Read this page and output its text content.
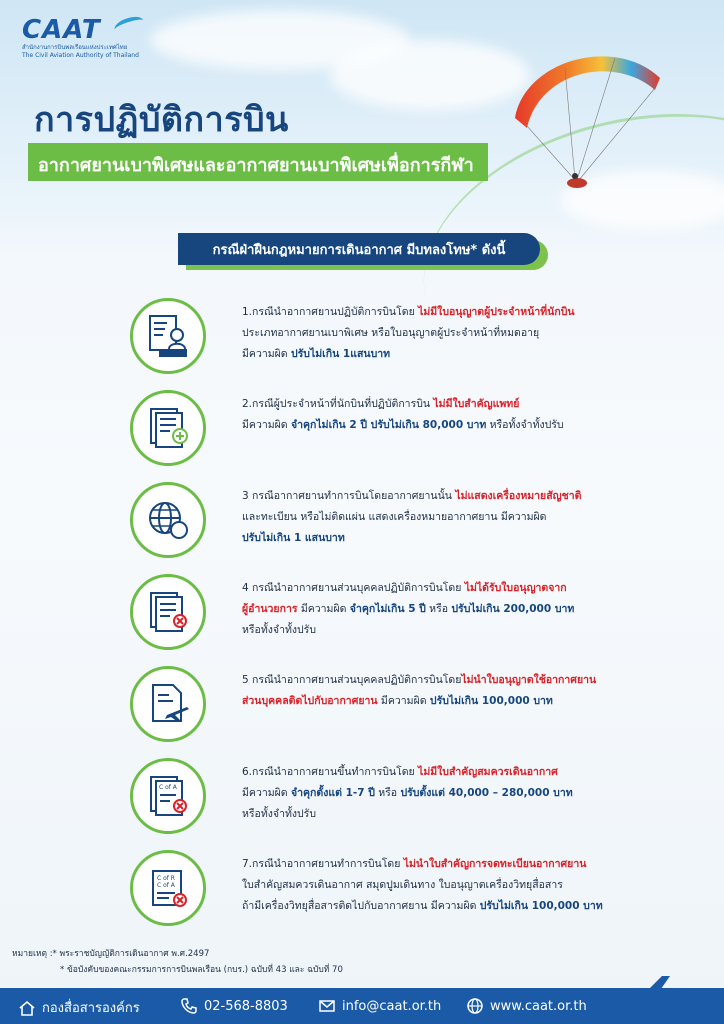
CAAT
สำนักงานการบินพลเรือนแห่งประเทศไทย
The Civil Aviation Authority of Thailand
การปฏิบัติการบิน
อากาศยานเบาพิเศษและอากาศยานเบาพิเศษเพื่อการกีฬา
กรณีฝ่าฝืนกฎหมายการเดินอากาศ มีบทลงโทษ* ดังนี้
1.กรณีนำอากาศยานปฏิบัติการบินโดย ไม่มีใบอนุญาตผู้ประจำหน้าที่นักบิน
ประเภทอากาศยานเบาพิเศษ หรือใบอนุญาตผู้ประจำหน้าที่หมดอายุ
มีความผิด ปรับไม่เกิน 1แสนบาท
2.กรณีผู้ประจำหน้าที่นักบินที่ปฏิบัติการบิน ไม่มีใบสำคัญแพทย์
มีความผิด จำคุกไม่เกิน 2 ปี ปรับไม่เกิน 80,000 บาท หรือทั้งจำทั้งปรับ
3 กรณีอากาศยานทำการบินโดยอากาศยานนั้น ไม่แสดงเครื่องหมายสัญชาติ
และทะเบียน หรือไม่ติดแผ่น แสดงเครื่องหมายอากาศยาน มีความผิด
ปรับไม่เกิน 1 แสนบาท
4 กรณีนำอากาศยานส่วนบุคคลปฏิบัติการบินโดย ไม่ได้รับใบอนุญาตจาก
ผู้อำนวยการ มีความผิด จำคุกไม่เกิน 5 ปี หรือ ปรับไม่เกิน 200,000 บาท
หรือทั้งจำทั้งปรับ
5 กรณีนำอากาศยานส่วนบุคคลปฏิบัติการบินโดยไม่นำใบอนุญาตใช้อากาศยาน
ส่วนบุคคลติดไปกับอากาศยาน มีความผิด ปรับไม่เกิน 100,000 บาท
C of A
6.กรณีนำอากาศยานขึ้นทำการบินโดย ไม่มีใบสำคัญสมควรเดินอากาศ
มีความผิด จำคุกตั้งแต่ 1-7 ปี หรือ ปรับตั้งแต่ 40,000 – 280,000 บาท
หรือทั้งจำทั้งปรับ
C of R
C of A
7.กรณีนำอากาศยานทำการบินโดย ไม่นำใบสำคัญการจดทะเบียนอากาศยาน
ใบสำคัญสมควรเดินอากาศ สมุดปูมเดินทาง ใบอนุญาตเครื่องวิทยุสื่อสาร
ถ้ามีเครื่องวิทยุสื่อสารติดไปกับอากาศยาน มีความผิด ปรับไม่เกิน 100,000 บาท
หมายเหตุ :* พระราชบัญญัติการเดินอากาศ พ.ศ.2497
* ข้อบังคับของคณะกรรมการการบินพลเรือน (กบร.) ฉบับที่ 43 และ ฉบับที่ 70
กองสื่อสารองค์กร	02-568-8803	info@caat.or.th	www.caat.or.th
